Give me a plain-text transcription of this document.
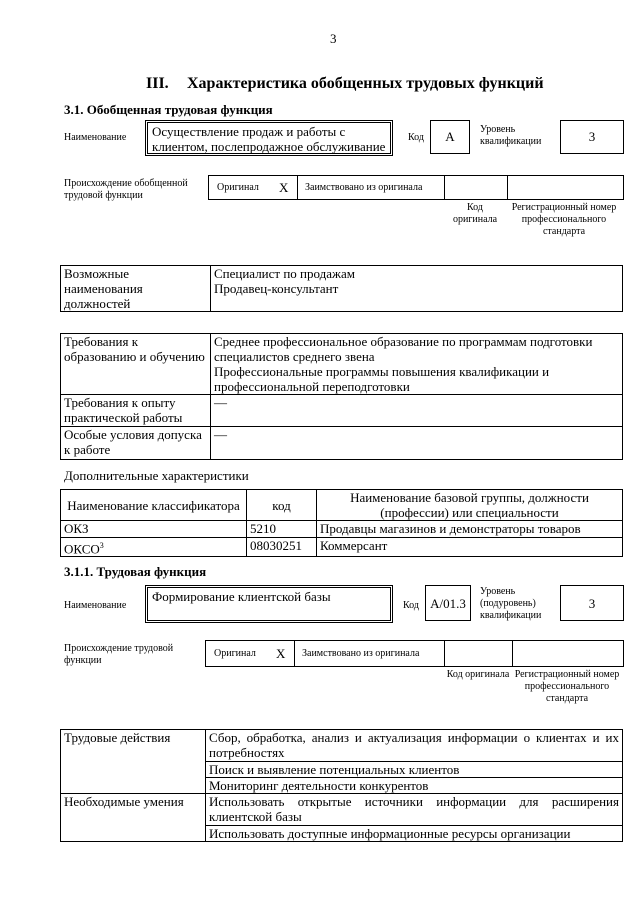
3
III. Характеристика обобщенных трудовых функций
3.1. Обобщенная трудовая функция
Наименование	Осуществление продаж и работы с клиентом, послепродажное обслуживание
Код	А	Уровень квалификации	3
Происхождение обобщенной трудовой функции
Оригинал X Заимствовано из оригинала
Код оригинала
Регистрационный номер профессионального стандарта
Возможные наименования должностей	
Специалист по продажам
Продавец-консультант
Требования к образованию и обучению	Среднее профессиональное образование по программам подготовки специалистов среднего звена
Профессиональные программы повышения квалификации и профессиональной переподготовки

Требования к опыту практической работы	—
Особые условия допуска к работе	—
Дополнительные характеристики
Наименование классификатора	код	Наименование базовой группы, должности (профессии) или специальности
ОКЗ	5210	Продавцы магазинов и демонстраторы товаров
ОКСО$^3$	08030251	Коммерсант
3.1.1. Трудовая функция
Наименование
Формирование клиентской базы
Код А/01.3
Уровень (подуровень) квалификации
3
Происхождение трудовой функции
Оригинал X Заимствовано из оригинала
Код оригинала Регистрационный номер профессионального стандарта
Трудовые действия	Сбор, обработка, анализ и актуализация информации о клиентах и их потребностях
	Поиск и выявление потенциальных клиентов
	Мониторинг деятельности конкурентов
Необходимые умения	Использовать открытые источники информации для расширения клиентской базы
	Использовать доступные информационные ресурсы организации
